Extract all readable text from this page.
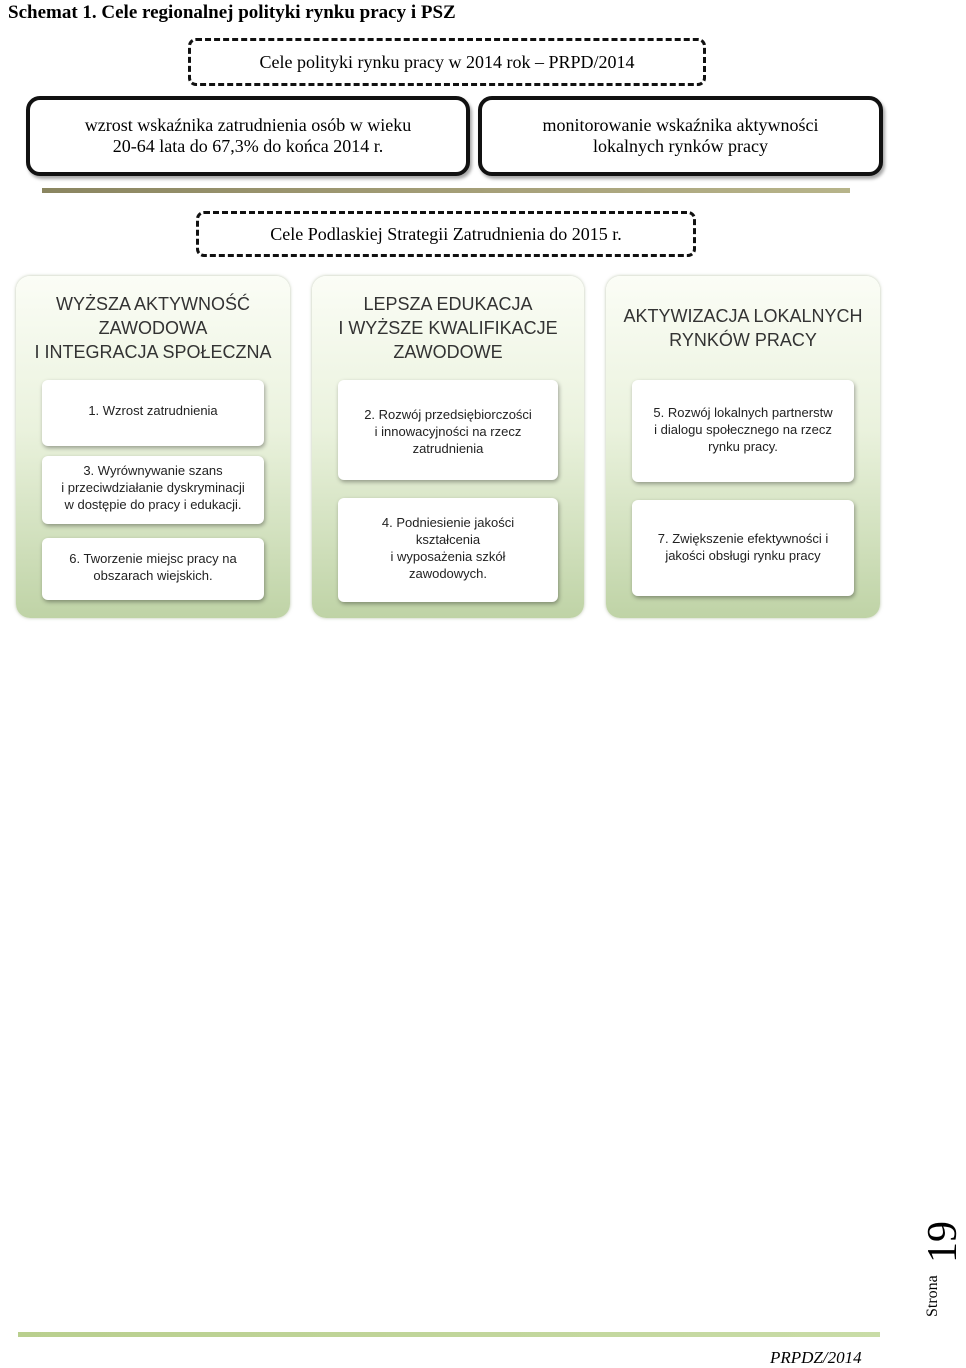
Schemat 1. Cele regionalnej polityki rynku pracy i PSZ
Cele polityki rynku pracy w 2014 rok – PRPD/2014
wzrost wskaźnika zatrudnienia osób w wieku
20-64 lata do 67,3% do końca 2014 r.
monitorowanie wskaźnika aktywności
lokalnych rynków pracy
Cele Podlaskiej Strategii Zatrudnienia do 2015 r.
WYŻSZA AKTYWNOŚĆ
ZAWODOWA
I INTEGRACJA SPOŁECZNA
1. Wzrost zatrudnienia
3. Wyrównywanie szans
i przeciwdziałanie dyskryminacji
w dostępie do pracy i edukacji.
6. Tworzenie miejsc pracy na
obszarach wiejskich.
LEPSZA EDUKACJA
I WYŻSZE KWALIFIKACJE
ZAWODOWE
2. Rozwój przedsiębiorczości
i innowacyjności na rzecz
zatrudnienia
4. Podniesienie jakości
kształcenia
i wyposażenia szkół
zawodowych.
AKTYWIZACJA LOKALNYCH
RYNKÓW PRACY
5. Rozwój lokalnych partnerstw
i dialogu społecznego na rzecz
rynku pracy.
7. Zwiększenie efektywności i
jakości obsługi rynku pracy
Strona
19
PRPDZ/2014
